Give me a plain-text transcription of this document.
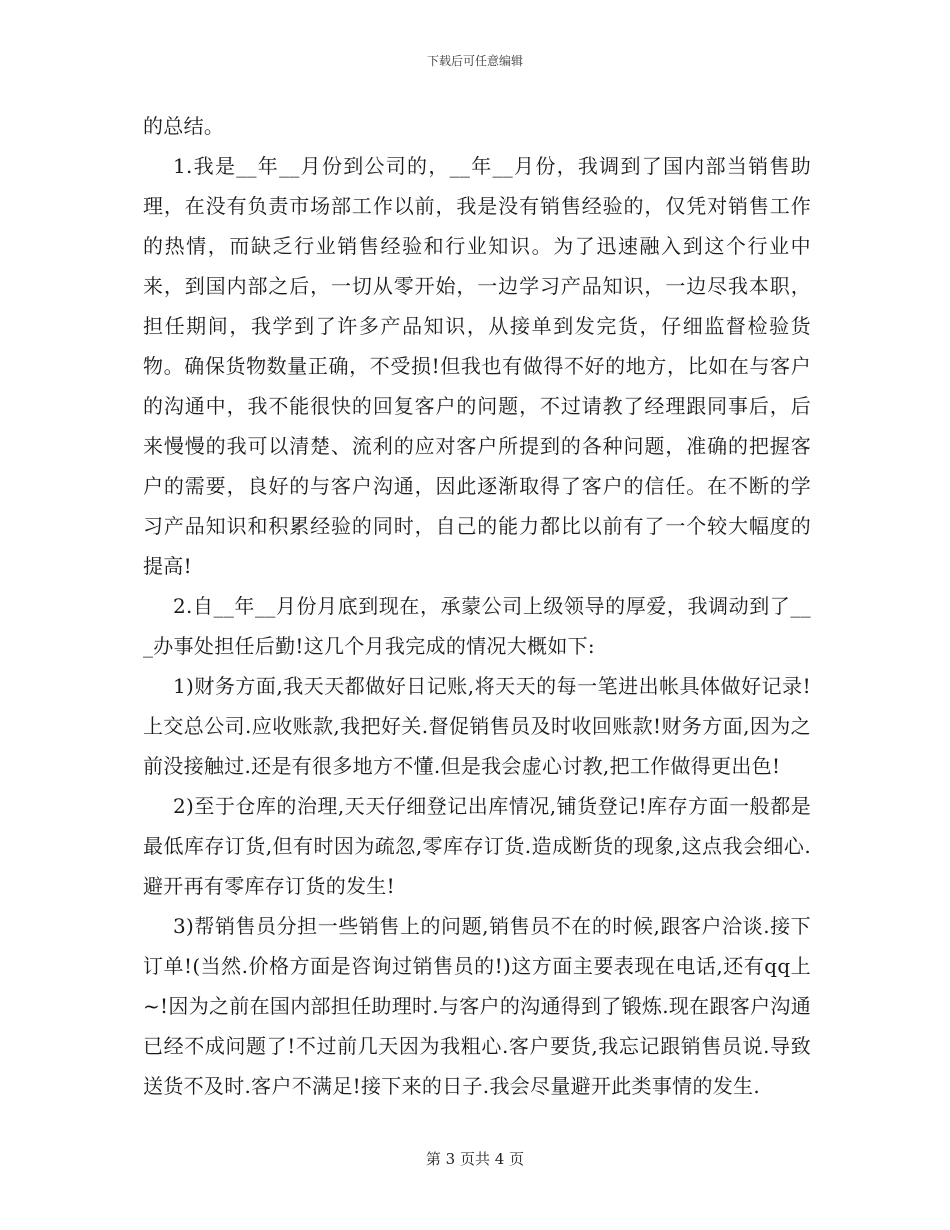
下载后可任意编辑

的总结。

1.我是__年__月份到公司的，__年__月份，我调到了国内部当销售助理，在没有负责市场部工作以前，我是没有销售经验的，仅凭对销售工作的热情，而缺乏行业销售经验和行业知识。为了迅速融入到这个行业中来，到国内部之后，一切从零开始，一边学习产品知识，一边尽我本职，担任期间，我学到了许多产品知识，从接单到发完货，仔细监督检验货物。确保货物数量正确，不受损!但我也有做得不好的地方，比如在与客户的沟通中，我不能很快的回复客户的问题，不过请教了经理跟同事后，后来慢慢的我可以清楚、流利的应对客户所提到的各种问题，准确的把握客户的需要，良好的与客户沟通，因此逐渐取得了客户的信任。在不断的学习产品知识和积累经验的同时，自己的能力都比以前有了一个较大幅度的提高!

2.自__年__月份月底到现在，承蒙公司上级领导的厚爱，我调动到了___办事处担任后勤!这几个月我完成的情况大概如下:

1)财务方面,我天天都做好日记账,将天天的每一笔进出帐具体做好记录!上交总公司.应收账款,我把好关.督促销售员及时收回账款!财务方面,因为之前没接触过.还是有很多地方不懂.但是我会虚心讨教,把工作做得更出色!

2)至于仓库的治理,天天仔细登记出库情况,铺货登记!库存方面一般都是最低库存订货,但有时因为疏忽,零库存订货.造成断货的现象,这点我会细心.避开再有零库存订货的发生!

3)帮销售员分担一些销售上的问题,销售员不在的时候,跟客户洽谈.接下订单!(当然.价格方面是咨询过销售员的!)这方面主要表现在电话,还有qq上~!因为之前在国内部担任助理时.与客户的沟通得到了锻炼.现在跟客户沟通已经不成问题了!不过前几天因为我粗心.客户要货,我忘记跟销售员说.导致送货不及时.客户不满足!接下来的日子.我会尽量避开此类事情的发生.

第 3 页共 4 页
